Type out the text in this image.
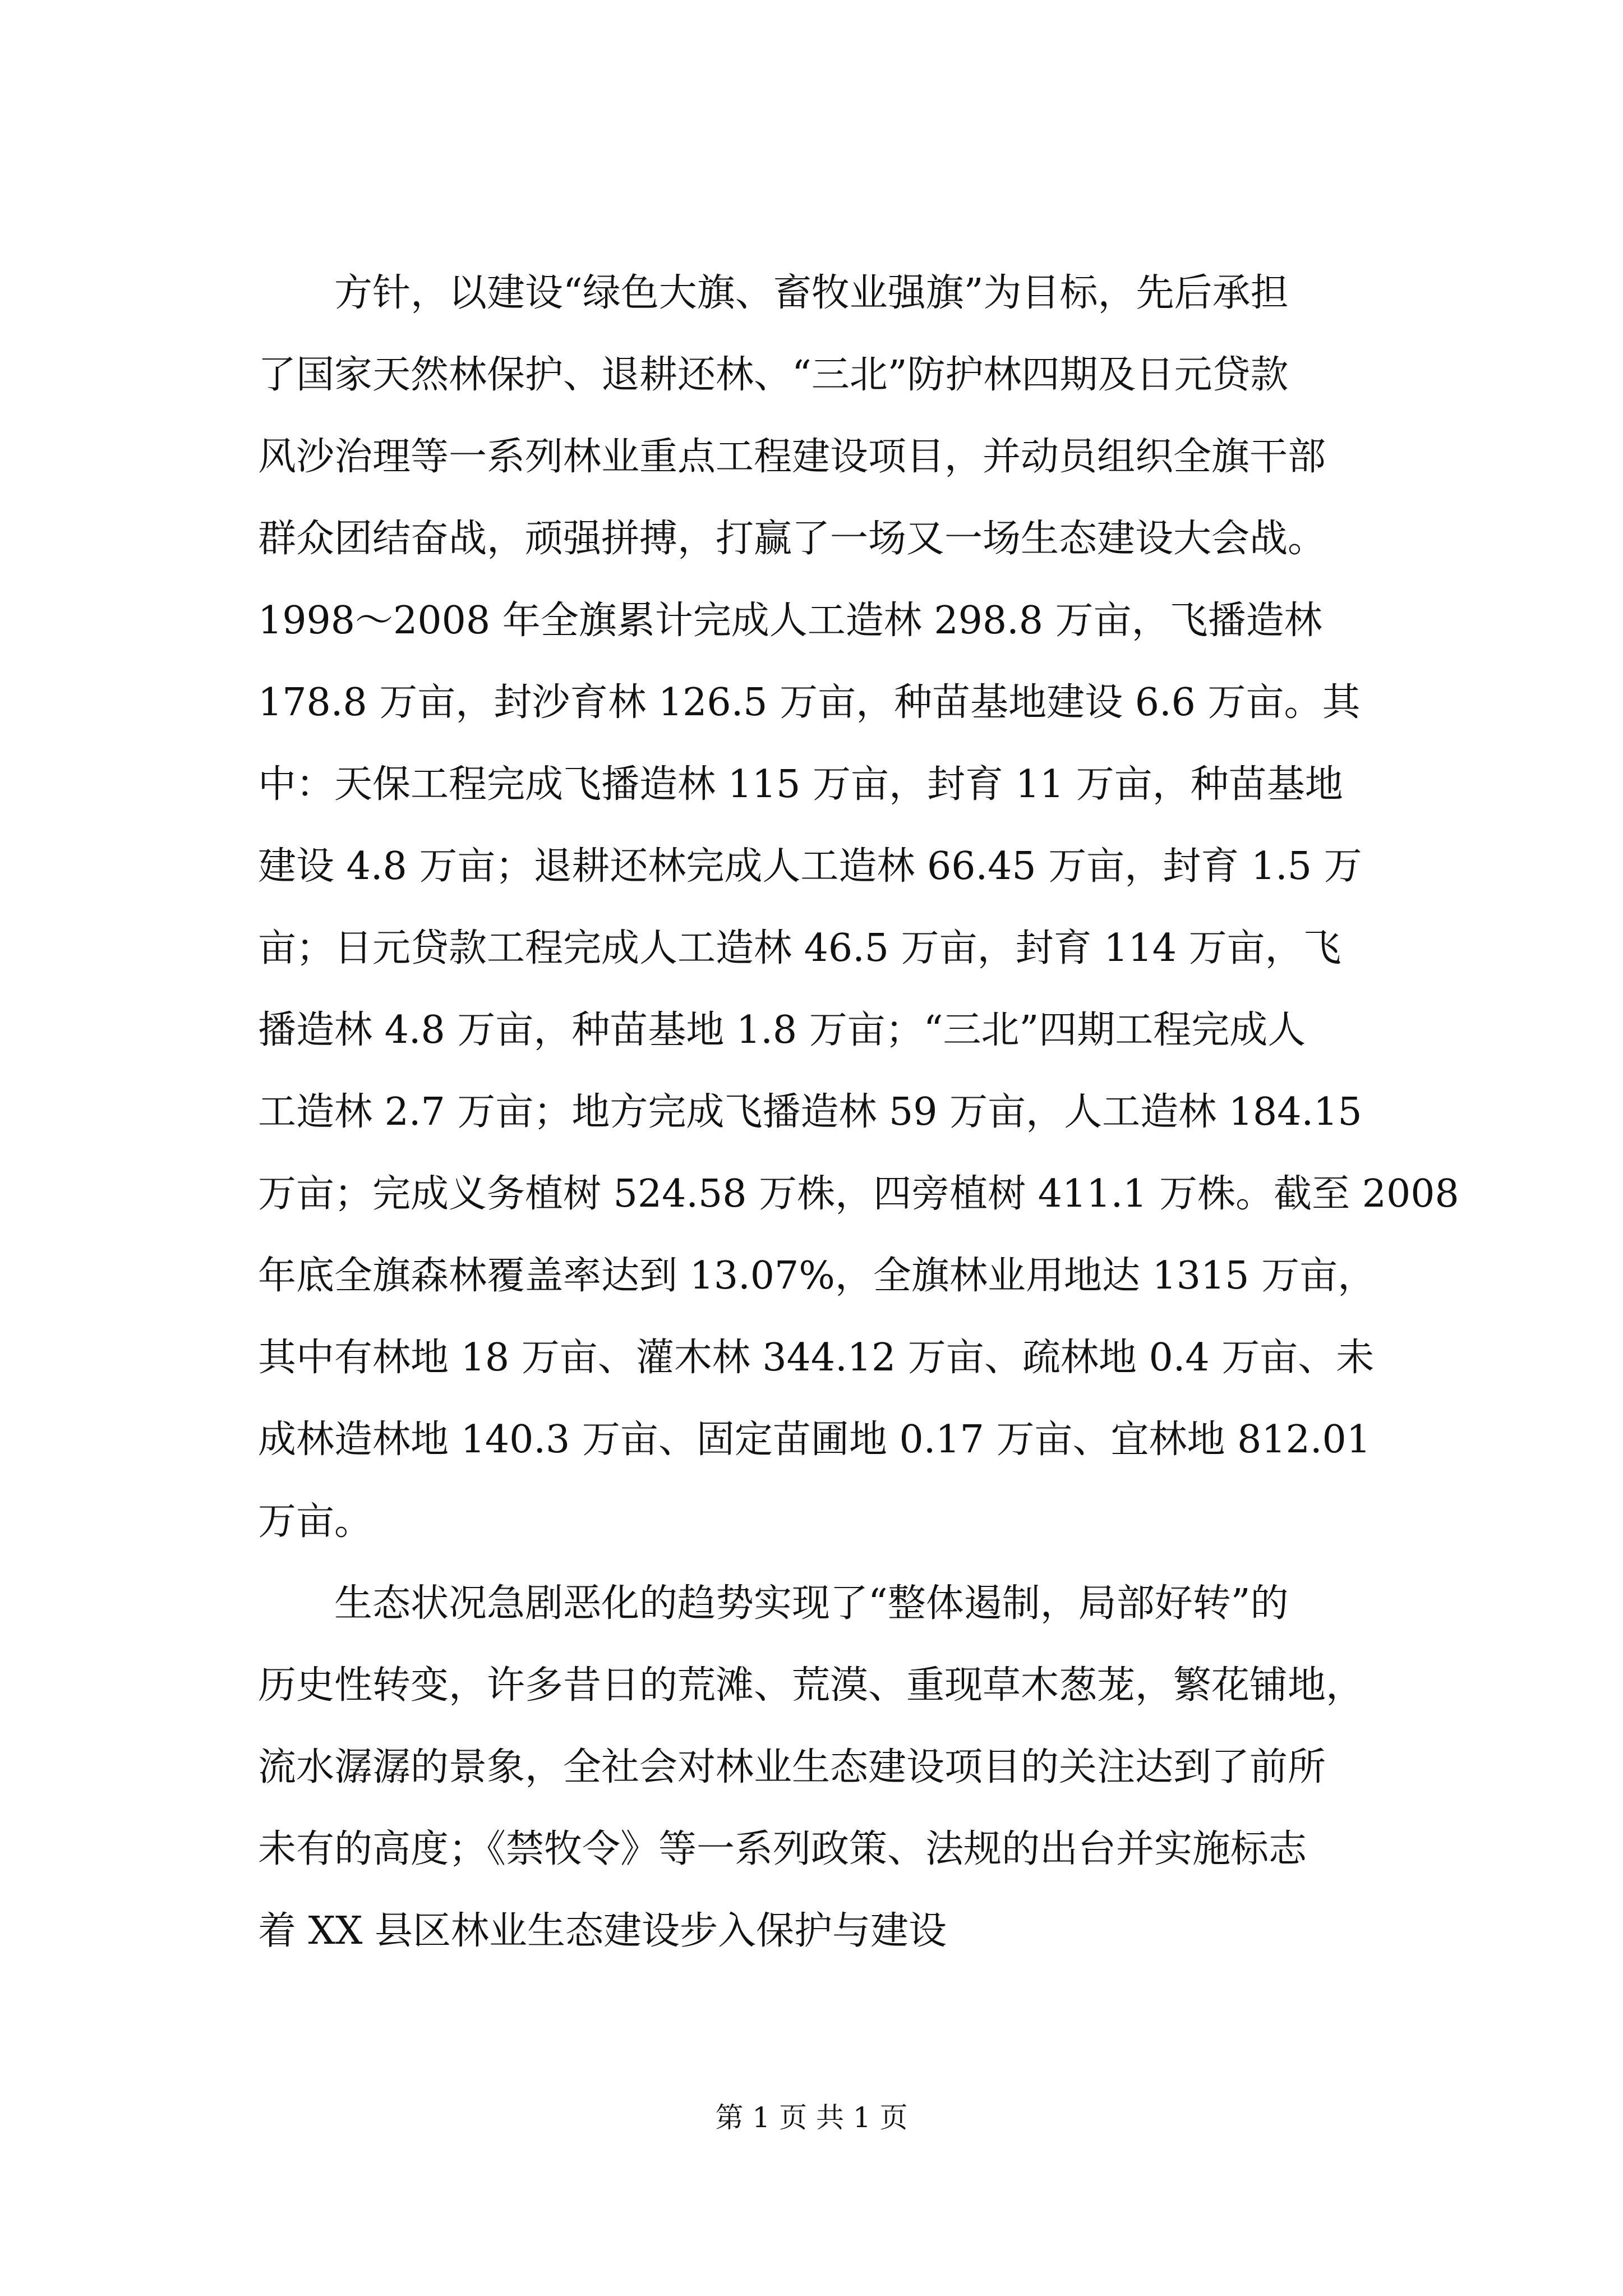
方针，以建设“绿色大旗、畜牧业强旗”为目标，先后承担
了国家天然林保护、退耕还林、“三北”防护林四期及日元贷款
风沙治理等一系列林业重点工程建设项目，并动员组织全旗干部
群众团结奋战，顽强拼搏，打赢了一场又一场生态建设大会战。
1998～2008 年全旗累计完成人工造林 298.8 万亩，飞播造林
178.8 万亩，封沙育林 126.5 万亩，种苗基地建设 6.6 万亩。其
中：天保工程完成飞播造林 115 万亩，封育 11 万亩，种苗基地
建设 4.8 万亩；退耕还林完成人工造林 66.45 万亩，封育 1.5 万
亩；日元贷款工程完成人工造林 46.5 万亩，封育 114 万亩，飞
播造林 4.8 万亩，种苗基地 1.8 万亩；“三北”四期工程完成人
工造林 2.7 万亩；地方完成飞播造林 59 万亩，人工造林 184.15
万亩；完成义务植树 524.58 万株，四旁植树 411.1 万株。截至 2008
年底全旗森林覆盖率达到 13.07%，全旗林业用地达 1315 万亩，
其中有林地 18 万亩、灌木林 344.12 万亩、疏林地 0.4 万亩、未
成林造林地 140.3 万亩、固定苗圃地 0.17 万亩、宜林地 812.01
万亩。
生态状况急剧恶化的趋势实现了“整体遏制，局部好转”的
历史性转变，许多昔日的荒滩、荒漠、重现草木葱茏，繁花铺地，
流水潺潺的景象，全社会对林业生态建设项目的关注达到了前所
未有的高度；《禁牧令》等一系列政策、法规的出台并实施标志
着 XX 县区林业生态建设步入保护与建设
第 1 页 共 1 页
